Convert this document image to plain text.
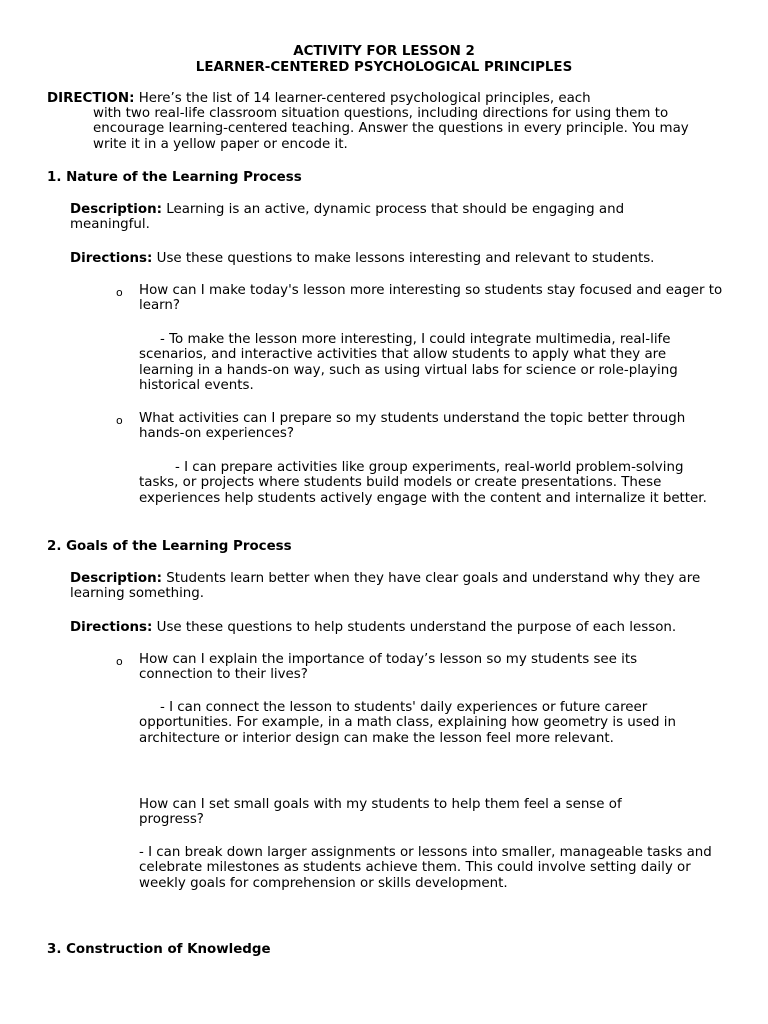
ACTIVITY FOR LESSON 2

LEARNER-CENTERED PSYCHOLOGICAL PRINCIPLES

DIRECTION: Here’s the list of 14 learner-centered psychological principles, each

with two real-life classroom situation questions, including directions for using them to encourage learning-centered teaching. Answer the questions in every principle. You may write it in a yellow paper or encode it.

1. Nature of the Learning Process

Description: Learning is an active, dynamic process that should be engaging and meaningful.

Directions: Use these questions to make lessons interesting and relevant to students.

o How can I make today's lesson more interesting so students stay focused and eager to learn?

- To make the lesson more interesting, I could integrate multimedia, real-life scenarios, and interactive activities that allow students to apply what they are learning in a hands-on way, such as using virtual labs for science or role-playing historical events.

o What activities can I prepare so my students understand the topic better through hands-on experiences?

- I can prepare activities like group experiments, real-world problem-solving tasks, or projects where students build models or create presentations. These experiences help students actively engage with the content and internalize it better.

2. Goals of the Learning Process

Description: Students learn better when they have clear goals and understand why they are learning something.

Directions: Use these questions to help students understand the purpose of each lesson.

o How can I explain the importance of today’s lesson so my students see its connection to their lives?

- I can connect the lesson to students' daily experiences or future career opportunities. For example, in a math class, explaining how geometry is used in architecture or interior design can make the lesson feel more relevant.

How can I set small goals with my students to help them feel a sense of progress?

- I can break down larger assignments or lessons into smaller, manageable tasks and celebrate milestones as students achieve them. This could involve setting daily or weekly goals for comprehension or skills development.

3. Construction of Knowledge
